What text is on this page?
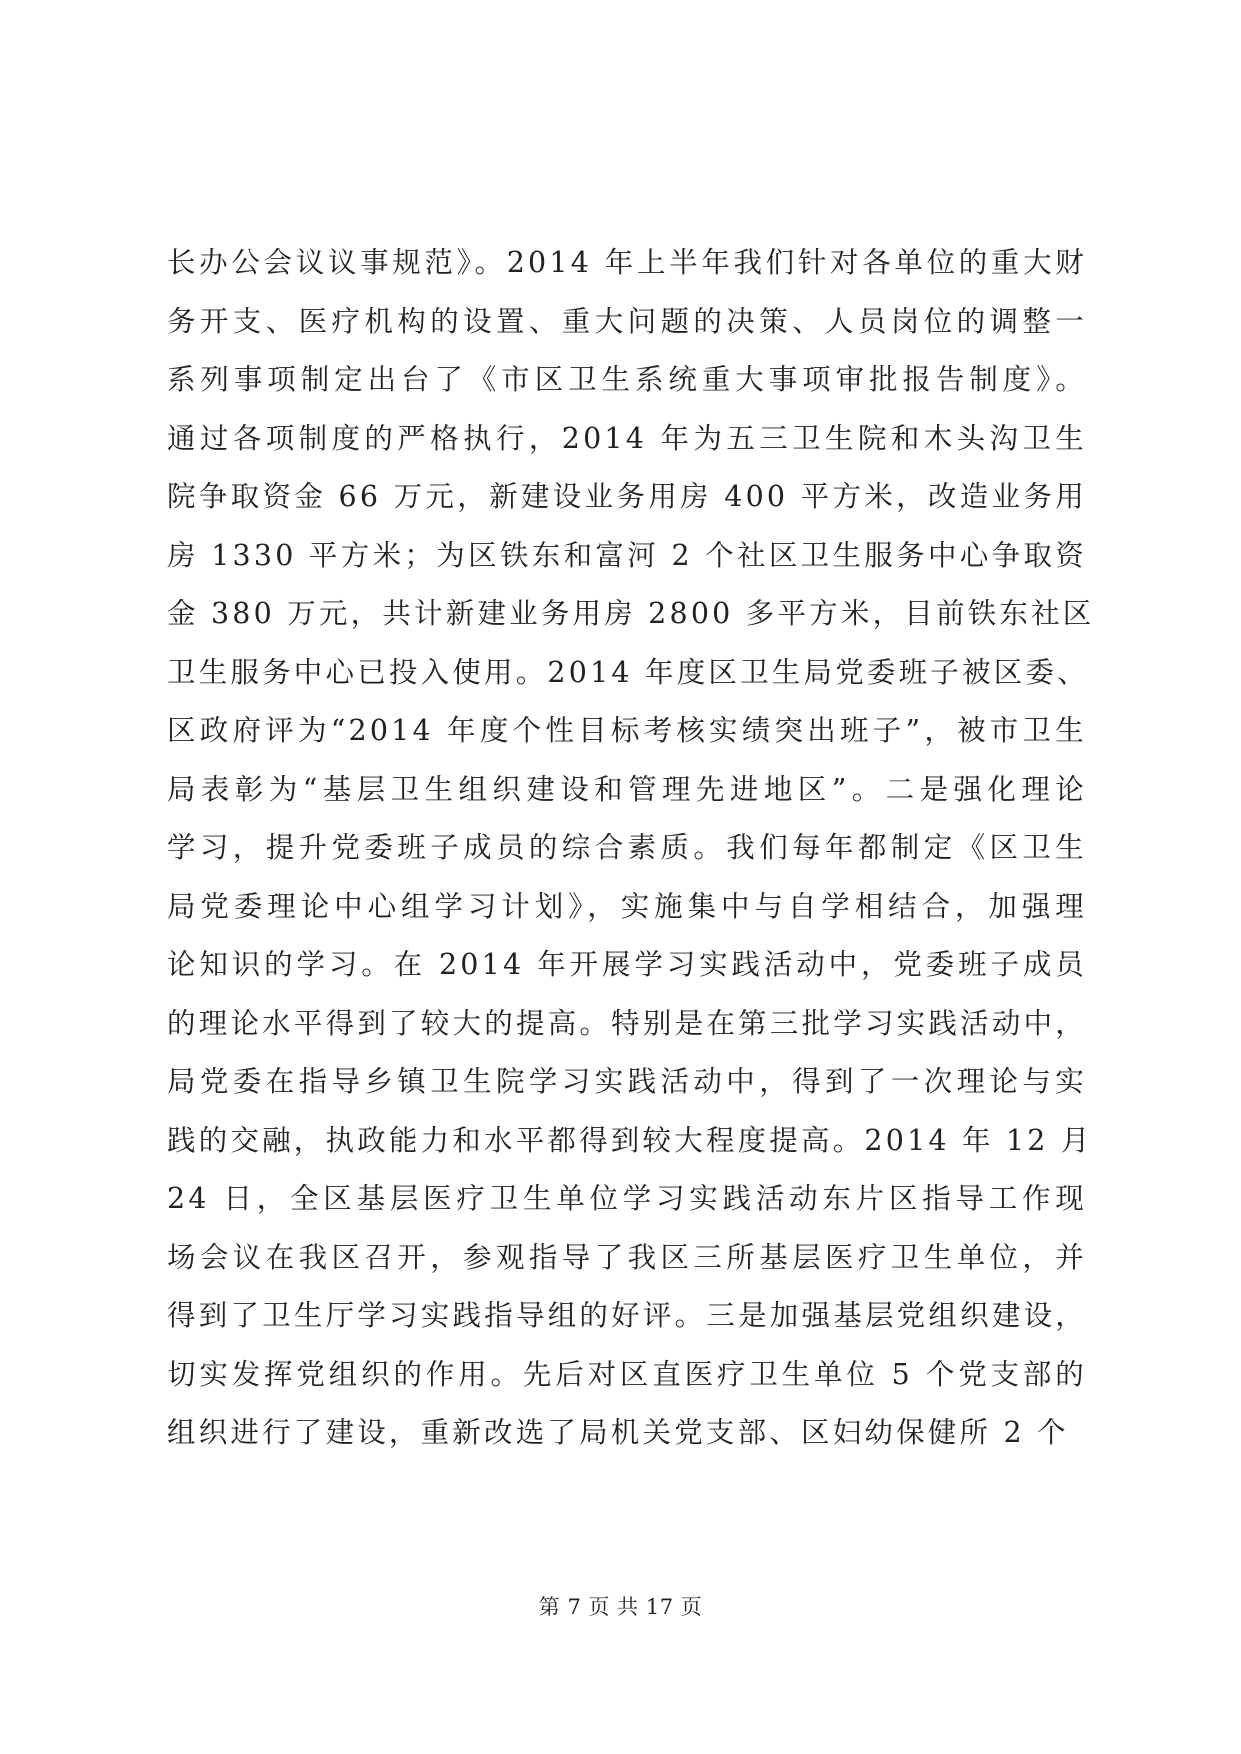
长办公会议议事规范》。2014 年上半年我们针对各单位的重大财
务开支、医疗机构的设置、重大问题的决策、人员岗位的调整一
系列事项制定出台了《市区卫生系统重大事项审批报告制度》。
通过各项制度的严格执行，2014 年为五三卫生院和木头沟卫生
院争取资金 66 万元，新建设业务用房 400 平方米，改造业务用
房 1330 平方米；为区铁东和富河 2 个社区卫生服务中心争取资
金 380 万元，共计新建业务用房 2800 多平方米，目前铁东社区
卫生服务中心已投入使用。2014 年度区卫生局党委班子被区委、
区政府评为“2014 年度个性目标考核实绩突出班子”，被市卫生
局表彰为“基层卫生组织建设和管理先进地区”。二是强化理论
学习，提升党委班子成员的综合素质。我们每年都制定《区卫生
局党委理论中心组学习计划》，实施集中与自学相结合，加强理
论知识的学习。在 2014 年开展学习实践活动中，党委班子成员
的理论水平得到了较大的提高。特别是在第三批学习实践活动中，
局党委在指导乡镇卫生院学习实践活动中，得到了一次理论与实
践的交融，执政能力和水平都得到较大程度提高。2014 年 12 月
24 日，全区基层医疗卫生单位学习实践活动东片区指导工作现
场会议在我区召开，参观指导了我区三所基层医疗卫生单位，并
得到了卫生厅学习实践指导组的好评。三是加强基层党组织建设，
切实发挥党组织的作用。先后对区直医疗卫生单位 5 个党支部的
组织进行了建设，重新改选了局机关党支部、区妇幼保健所 2 个
第 7 页 共 17 页
